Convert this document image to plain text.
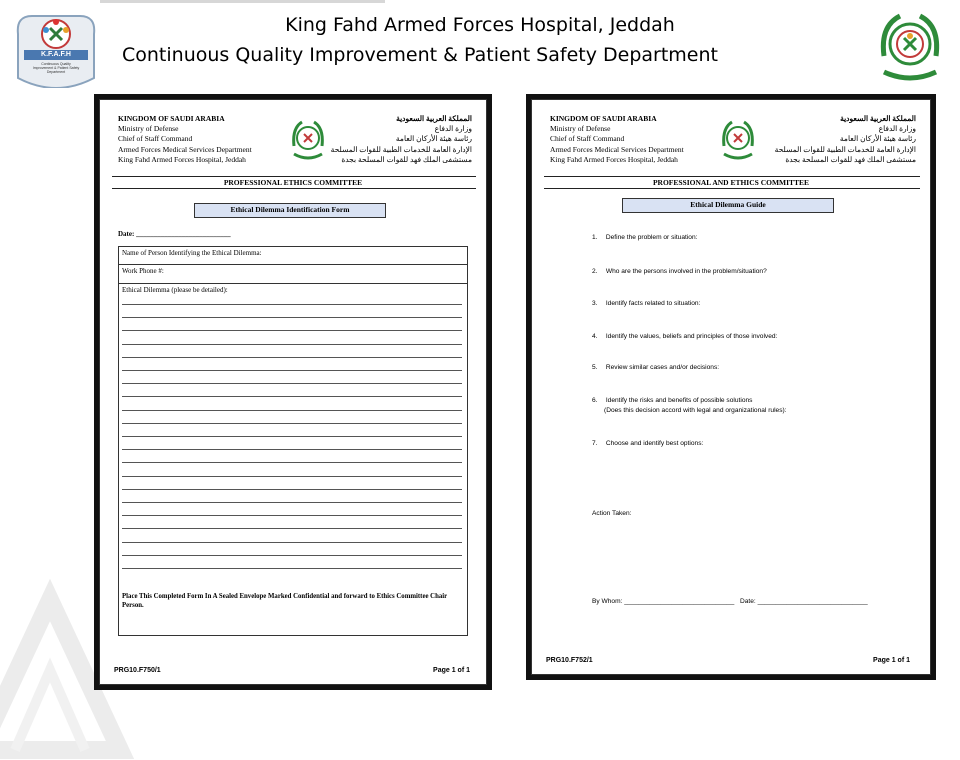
K.F.A.F.H
Continuous Quality Improvement & Patient Safety Department
King Fahd Armed Forces Hospital, Jeddah
Continuous Quality Improvement & Patient Safety Department
KINGDOM OF SAUDI ARABIA
Ministry of Defense
Chief of Staff Command
Armed Forces Medical Services Department
King Fahd Armed Forces Hospital, Jeddah
المملكة العربية السعودية
وزارة الدفاع
رئاسة هيئة الأركان العامة
الإدارة العامة للخدمات الطبية للقوات المسلحة
مستشفى الملك فهد للقوات المسلحة بجدة
PROFESSIONAL ETHICS COMMITTEE
Ethical Dilemma Identification Form
Date: ___________________________
Name of Person Identifying the Ethical Dilemma:
Work Phone #:
Ethical Dilemma (please be detailed):
Place This Completed Form In A Sealed Envelope Marked Confidential and forward to Ethics Committee Chair Person.
PRG10.F750/1	Page 1 of 1
KINGDOM OF SAUDI ARABIA
Ministry of Defense
Chief of Staff Command
Armed Forces Medical Services Department
King Fahd Armed Forces Hospital, Jeddah
المملكة العربية السعودية
وزارة الدفاع
رئاسة هيئة الأركان العامة
الإدارة العامة للخدمات الطبية للقوات المسلحة
مستشفى الملك فهد للقوات المسلحة بجدة
PROFESSIONAL AND ETHICS COMMITTEE
Ethical Dilemma Guide
1. Define the problem or situation:
2. Who are the persons involved in the problem/situation?
3. Identify facts related to situation:
4. Identify the values, beliefs and principles of those involved:
5. Review similar cases and/or decisions:
6. Identify the risks and benefits of possible solutions
(Does this decision accord with legal and organizational rules):
7. Choose and identify best options:
Action Taken:
By Whom: ______________________________ Date: ______________________________
PRG10.F752/1	Page 1 of 1
